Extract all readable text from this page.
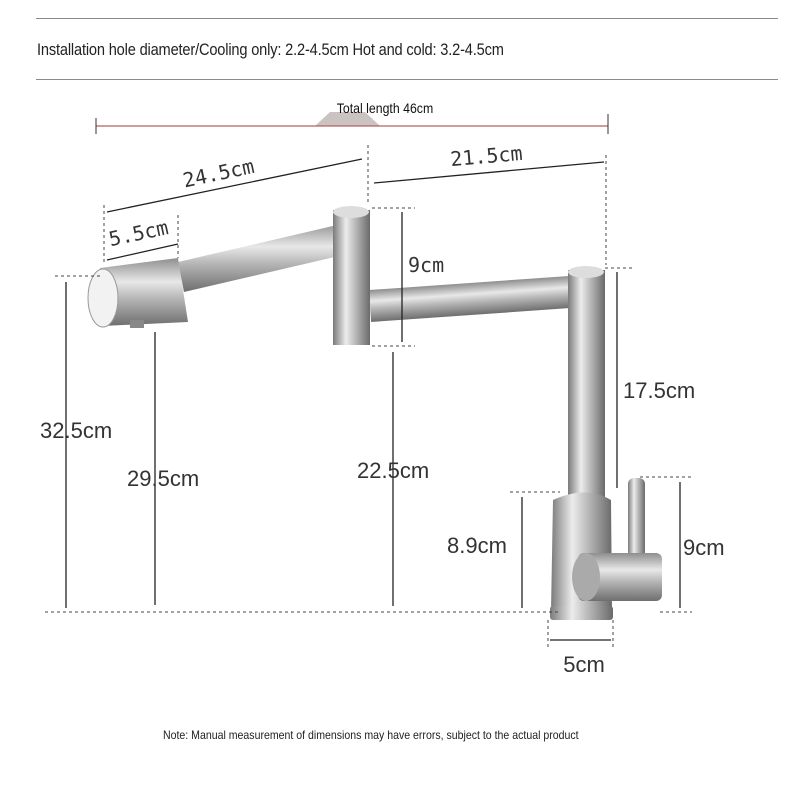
Installation hole diameter/Cooling only: 2.2-4.5cm Hot and cold: 3.2-4.5cm
Total length 46cm
24.5cm
5.5cm
21.5cm
9cm
17.5cm
32.5cm
29.5cm	22.5cm
8.9cm	9cm
5cm
Note: Manual measurement of dimensions may have errors, subject to the actual product
